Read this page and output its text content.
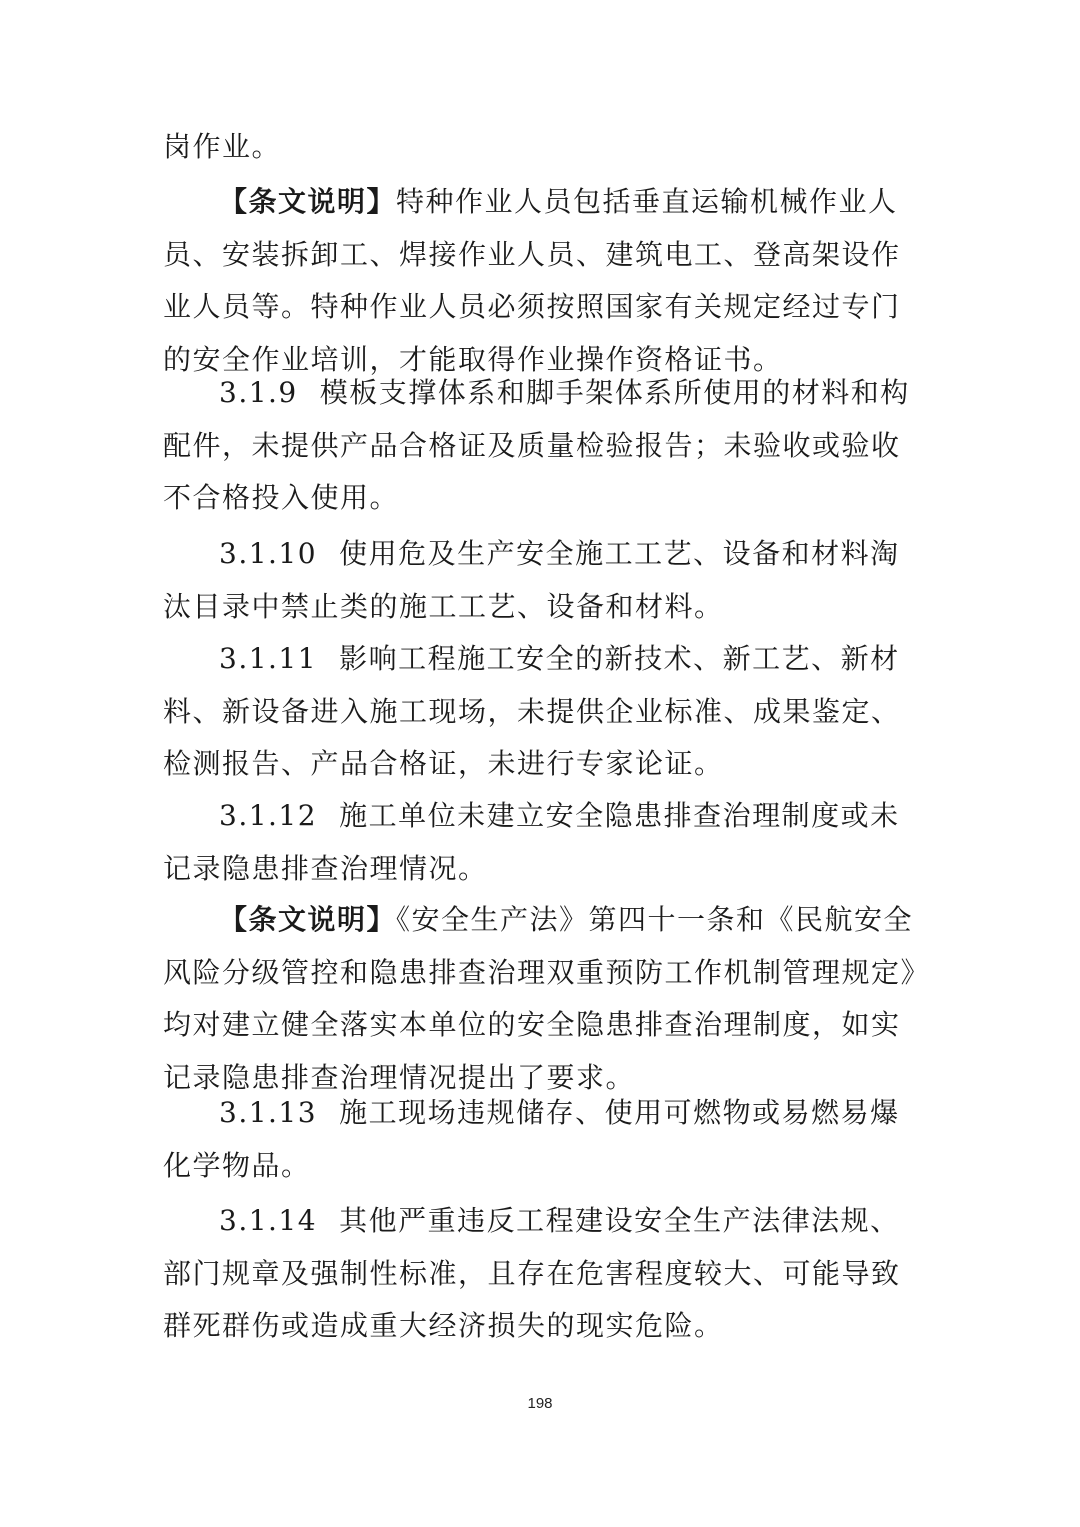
岗作业。

【条文说明】特种作业人员包括垂直运输机械作业人员、安装拆卸工、焊接作业人员、建筑电工、登高架设作业人员等。特种作业人员必须按照国家有关规定经过专门的安全作业培训，才能取得作业操作资格证书。

3.1.9 模板支撑体系和脚手架体系所使用的材料和构配件，未提供产品合格证及质量检验报告；未验收或验收不合格投入使用。

3.1.10 使用危及生产安全施工工艺、设备和材料淘汰目录中禁止类的施工工艺、设备和材料。

3.1.11 影响工程施工安全的新技术、新工艺、新材料、新设备进入施工现场，未提供企业标准、成果鉴定、检测报告、产品合格证，未进行专家论证。

3.1.12 施工单位未建立安全隐患排查治理制度或未记录隐患排查治理情况。

【条文说明】《安全生产法》第四十一条和《民航安全风险分级管控和隐患排查治理双重预防工作机制管理规定》均对建立健全落实本单位的安全隐患排查治理制度，如实记录隐患排查治理情况提出了要求。

3.1.13 施工现场违规储存、使用可燃物或易燃易爆化学物品。

3.1.14 其他严重违反工程建设安全生产法律法规、部门规章及强制性标准，且存在危害程度较大、可能导致群死群伤或造成重大经济损失的现实危险。

198
